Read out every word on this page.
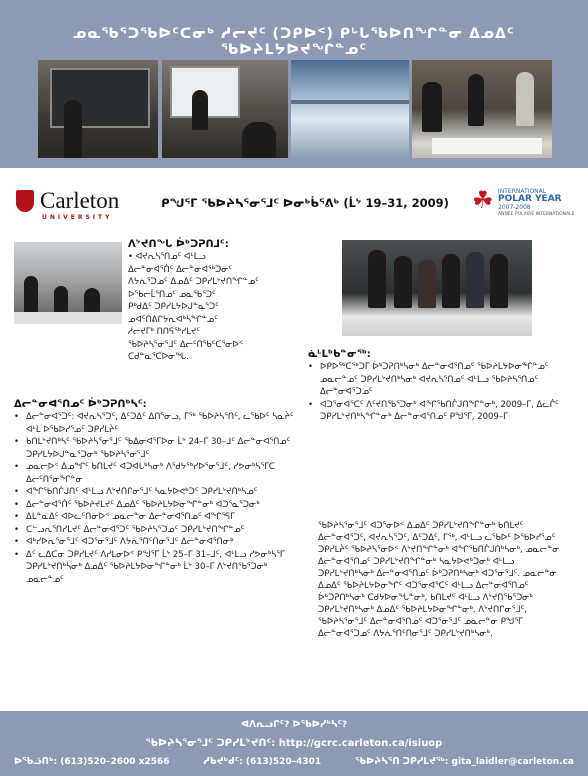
ᓄᓇᖃᕐᑐᖃᐅᑦᑕᓂᒃ ᓱᓕᔪᑦ (ᑐᑭᐅᑉ) ᑭᒡᒐᖃᐅᑎᖏᓐᓂ ᐃᓄᐃᑦ ᖃᐅᔨᒪᔭᐅᔪᖏᓐᓄᑦ
Carleton
UNIVERSITY
ᑭᖑᕐᒥ ᖃᐅᔨᓴᕐᓂᕐᒧᑦ ᐅᓂᒃᑳᕐᕕᒃ (ᒫᔾ 19–31, 2009) ☘ INTERNATIONAL
POLAR YEAR
2007-2008
ANNÉE POLAIRE INTERNATIONALE
ᐱᔾᔪᑎᖓ ᐆᒃᑐᕈᑎᒧᑦ:
• ᐊᔪᕆᓴᕐᑎᓄᑦ ᐊᒻᒪᓗ
ᐃᓕᓐᓂᐊᕐᑏᑦ ᐃᓕᓐᓂᐊᖅᑐᓂᑦ
ᐱᔭᕇᕐᑐᓄᑦ ᐃᓄᐃᑦ ᑐᑭᓯᒪᔾᔪᑎᖏᓐᓄᑦ
ᐅᖃᓕᒫᕐᑎᓄᑦ ᓄᓇᖃᕐᑐᑦ
ᑭᒃᑯᐃᑦ ᑐᑭᓯᒪᔭᐅᒍᓐᓇᕐᑐᑦ
ᓄᐊᑦᑎᕕᒋᔭᕆᐊᒃᓴᖏᓐᓄᑦ
ᓱᓕᔪᒥᒃ ᑎᑎᕋᖅᓯᒪᔪᑦ
ᖃᐅᔨᓴᕐᓂᕐᒧᑦ ᐃᓕᑦᑎᖃᑦᑕᕐᓂᐅᑉ
ᑕᑯᓐᓇᕐᑕᐅᓂᖓ.
ᐃᓕᓐᓂᐊᕐᑎᓄᑦ ᐆᒃᑐᕈᑎᒃᓴᑦ:
• ᐃᓕᓐᓂᐊᕐᑐᑦ: ᐊᔪᕆᓴᕐᑐᑦ, ᐃᑦᑐᐃᑦ ᐃᑎᕐᓂᓗ, ᒥᕐᒃ ᖃᐅᔨᓴᕐᑎᑦ, ᓚᕐᑲᐅᑦ ᓴᓇᔩᑦ ᐊᒻᒪ ᐅᖃᐅᓯᕐᓄᑦ ᑐᑭᓯᒪᔩᑦ
• ᑲᑎᒪᔾᔪᑎᒃᓴᑦ ᖃᐅᔨᓴᕐᓂᕐᒧᑦ ᖃᐃᓂᐊᕐᒥᐅᓂ ᒫᔾ 24–ᒥ 30–ᒧᑦ ᐃᓕᓐᓂᐊᕐᑎᓄᑦ ᑐᑭᓯᒪᔭᐅᒍᓐᓇᕐᑐᓂᒃ ᖃᐅᔨᓴᕐᓂᕐᒧᑦ
• ᓄᓇᓕᐅᑉ ᐃᓄᖏᑦ ᑲᑎᒪᔪᑦ ᐊᑐᐊᒐᒃᓴᓂᒃ ᐱᖁᔭᖅᓯᐅᕐᓂᕐᒧᑦ, ᓯᕗᓂᒃᓴᕐᒥᑕ ᐃᓕᑦᑎᕐᓂᖏᓐᓂ
• ᐊᖏᖃᑎᒌᒍᑎᑦ ᐊᒻᒪᓗ ᐱᔾᔪᑎᒋᓂᕐᒧᑦ ᓴᓇᔭᐅᕙᒃᑐᑦ ᑐᑭᓯᒪᔾᔪᑎᒃᓴᓄᑦ
• ᐃᓕᓐᓂᐊᕐᑏᑦ ᖃᐅᔨᔪᒪᔪᑦ ᐃᓄᐃᑦ ᖃᐅᔨᒪᔭᐅᓂᖏᓐᓂᒃ ᐊᑐᕐᓇᕐᑐᓂᒃ
• ᐃᒪᓐᓇᐃᑦ ᐊᐅᓚᑦᑎᓂᐅᑉ ᓄᓇᓕᓐᓂ ᐃᓕᓐᓂᐊᕐᑎᓄᑦ ᐊᖏᕐᕋᒥ
• ᑕᓪᓗᕆᕐᑎᓯᒪᔪᑦ ᐃᓕᓐᓂᐊᕐᑐᑦ ᖃᐅᔨᓴᕐᑐᓄᑦ ᑐᑭᓯᒪᔾᔪᑎᖏᓐᓄᑦ
• ᐊᒃᓯᐅᕆᕐᓂᕐᒧᑦ ᐊᑐᕐᓂᕐᒧᑦ ᐱᔭᕇᕐᑎᑦᑎᓂᕐᒧᑦ ᐃᓕᓐᓂᐊᕐᑎᓂᒃ
• ᐃᑦ ᓚᐃᑕᓂ ᑐᑭᓯᒪᔪᑦ ᐱᓯᒪᓂᐅᑉ ᑭᖑᕐᒥ ᒫᔾ 25–ᒥ 31–ᒧᑦ, ᐊᒻᒪᓗ ᓯᕗᓂᒃᓴᕐᒥ ᑐᑭᓯᒪᔾᔪᑎᒃᓴᓂᒃ ᐃᓄᐃᑦ ᖃᐅᔨᒪᔭᐅᓂᖏᓐᓂᒃ ᒫᔾ 30–ᒥ ᐱᔾᔪᑎᖃᕐᑐᓂᒃ ᓄᓇᓕᓐᓄᑦ
ᓈᒻᒪᒃᑲᓐᓂᖅ:
• ᐅᑭᐅᖅᑕᖅᑐᒥ ᐆᒃᑐᕈᑎᒃᓴᓂᒃ ᐃᓕᓐᓂᐊᕐᑎᓄᑦ ᖃᐅᔨᒪᔭᐅᓂᖏᓐᓄᑦ ᓄᓇᓕᓐᓄᑦ ᑐᑭᓯᒪᔾᔪᑎᒃᓴᓂᒃ ᐊᔪᕆᓴᕐᑎᓄᑦ ᐊᒻᒪᓗ ᖃᐅᔨᓴᕐᑎᓄᑦ ᐃᓕᓐᓂᐊᕐᑐᓄᑦ
• ᐊᑐᕐᓂᐊᕐᑕᑦ ᐱᑦᔪᑎᖃᕐᑐᓂᒃ ᐊᖏᖃᑎᒌᒍᑎᖏᓐᓂᒃ, 2009–ᒥ, ᐃᓚᒌᑦ ᑐᑭᓯᒪᔾᔪᑎᒃᓴᖏᓐᓂᒃ ᐃᓕᓐᓂᐊᕐᑎᓄᑦ ᑭᖑᕐᒥ, 2009–ᒥ
ᖃᐅᔨᓴᕐᓂᕐᒧᑦ ᐊᑐᕐᓂᐅᑉ ᐃᓄᐃᑦ ᑐᑭᓯᒪᔾᔪᑎᖏᓐᓂᒃ ᑲᑎᒪᔪᑦ ᐃᓕᓐᓂᐊᕐᑐᑦ, ᐊᔪᕆᓴᕐᑐᑦ, ᐃᑦᑐᐃᑦ, ᒥᕐᒃ, ᐊᒻᒪᓗ ᓚᕐᑲᐅᑦ ᐅᖃᐅᓯᕐᓄᑦ ᑐᑭᓯᒪᔩᑦ ᖃᐅᔨᓴᕐᓂᐅᑉ ᐱᔾᔪᑎᖏᓐᓂᒃ ᐊᖏᖃᑎᒌᒍᑎᒃᓴᓂᒃ, ᓄᓇᓕᓐᓂ ᐃᓕᓐᓂᐊᕐᑎᓄᑦ ᑐᑭᓯᒪᔾᔪᑎᖏᓐᓂᒃ ᓴᓇᔭᐅᕙᒃᑐᓂᒃ ᐊᒻᒪᓗ ᑐᑭᓯᒪᔾᔪᑎᒃᓴᓂᒃ ᐃᓕᓐᓂᐊᕐᑎᓄᑦ ᐆᒃᑐᕈᑎᒃᓴᓂᒃ ᐊᑐᕐᓂᕐᒧᑦ. ᓄᓇᓕᓐᓂ ᐃᓄᐃᑦ ᖃᐅᔨᒪᔭᐅᓂᖏᑦ ᐊᑐᕐᓂᐊᕐᑕᑦ ᐊᒻᒪᓗ ᐃᓕᓐᓂᐊᕐᑎᓄᑦ ᐆᒃᑐᕈᑎᒃᓴᓂᒃ ᑕᑯᔭᐅᓂᖓᓐᓂᒃ, ᑲᑎᒪᔪᑦ ᐊᒻᒪᓗ ᐱᔾᔪᑎᖃᕐᑐᓂᒃ ᑐᑭᓯᒪᔾᔪᑎᒃᓴᓂᒃ ᐃᓄᐃᑦ ᖃᐅᔨᒪᔭᐅᓂᖏᓐᓂᒃ. ᐱᔾᔪᑎᒋᓂᕐᒧᑦ, ᖃᐅᔨᓴᕐᓂᕐᒧᑦ ᐃᓕᓐᓂᐊᕐᑎᓄᑦ ᐊᑐᕐᓂᕐᒧᑦ ᓄᓇᓕᓐᓂ ᑭᖑᕐᒥ ᐃᓕᓐᓂᐊᕐᑐᓄᑦ ᐱᔭᕇᕐᑎᑦᑎᓂᕐᒧᑦ ᑐᑭᓯᒪᔾᔪᑎᒃᓴᓂᒃ.
ᐊᐱᕆᓗᒋᑦ? ᐅᖃᐅᓯᒃᓴᑦ?
ᖃᐅᔨᓴᕐᓂᕐᒧᑦ ᑐᑭᓯᒪᔾᔪᑎᑦ: http://gcrc.carleton.ca/isiuop
ᐅᖃᓘᑎᒃ: (613)520–2600 x2566	ᓱᑲᔪᒃᑯᑦ: (613)520–4301	ᖃᐅᔨᓴᕐᑎ ᑐᑭᓯᒪᔪᖅ: gita_laidler@carleton.ca
